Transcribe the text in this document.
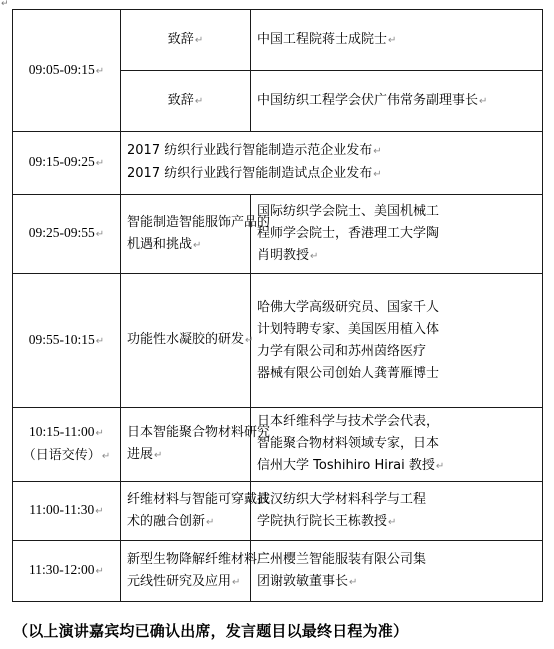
↵
09:05-09:15↵	致辞↵	中国工程院蒋士成院士↵
	致辞↵	中国纺织工程学会伏广伟常务副理事长↵
09:15-09:25↵	2017 纺织行业践行智能制造示范企业发布↵
2017 纺织行业践行智能制造试点企业发布↵	

09:25-09:55↵	智能制造智能服饰产品的
机遇和挑战↵	国际纺织学会院士、美国机械工
程师学会院士，香港理工大学陶
肖明教授↵

09:55-10:15↵	功能性水凝胶的研发↵	哈佛大学高级研究员、国家千人
计划特聘专家、美国医用植入体
力学有限公司和苏州茵络医疗
器械有限公司创始人龚菁雁博士

10:15-11:00↵
（日语交传）↵	日本智能聚合物材料研究
进展↵	日本纤维科学与技术学会代表，
智能聚合物材料领域专家，日本
信州大学 Toshihiro Hirai 教授↵

11:00-11:30↵	纤维材料与智能可穿戴技
术的融合创新↵	武汉纺织大学材料科学与工程
学院执行院长王栋教授↵

11:30-12:00↵	新型生物降解纤维材料三
元线性研究及应用↵	广州樱兰智能服装有限公司集
团谢敦敏董事长↵
（以上演讲嘉宾均已确认出席，发言题目以最终日程为准）
